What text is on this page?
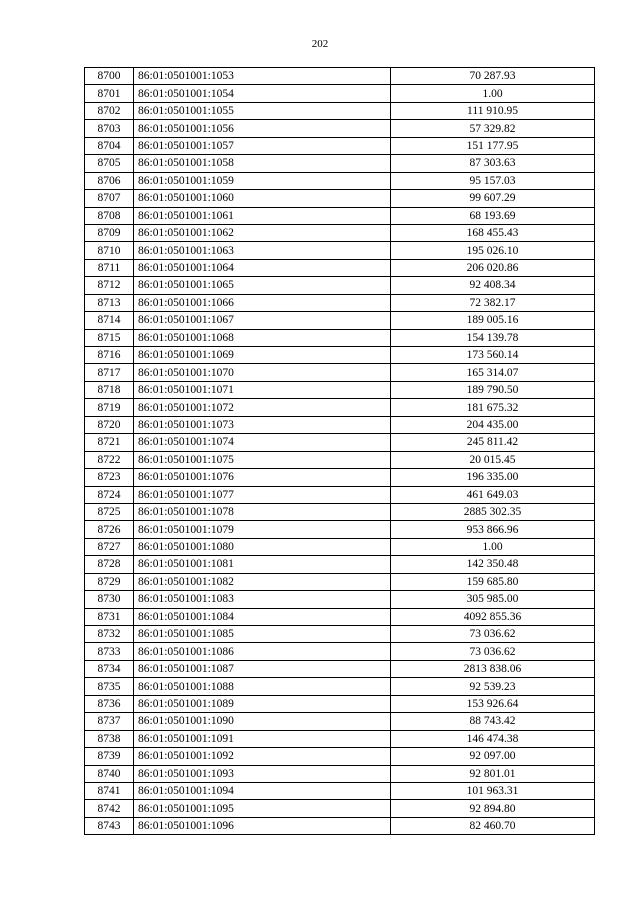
202
8700	86:01:0501001:1053	70 287.93
8701	86:01:0501001:1054	1.00
8702	86:01:0501001:1055	111 910.95
8703	86:01:0501001:1056	57 329.82
8704	86:01:0501001:1057	151 177.95
8705	86:01:0501001:1058	87 303.63
8706	86:01:0501001:1059	95 157.03
8707	86:01:0501001:1060	99 607.29
8708	86:01:0501001:1061	68 193.69
8709	86:01:0501001:1062	168 455.43
8710	86:01:0501001:1063	195 026.10
8711	86:01:0501001:1064	206 020.86
8712	86:01:0501001:1065	92 408.34
8713	86:01:0501001:1066	72 382.17
8714	86:01:0501001:1067	189 005.16
8715	86:01:0501001:1068	154 139.78
8716	86:01:0501001:1069	173 560.14
8717	86:01:0501001:1070	165 314.07
8718	86:01:0501001:1071	189 790.50
8719	86:01:0501001:1072	181 675.32
8720	86:01:0501001:1073	204 435.00
8721	86:01:0501001:1074	245 811.42
8722	86:01:0501001:1075	20 015.45
8723	86:01:0501001:1076	196 335.00
8724	86:01:0501001:1077	461 649.03
8725	86:01:0501001:1078	2885 302.35
8726	86:01:0501001:1079	953 866.96
8727	86:01:0501001:1080	1.00
8728	86:01:0501001:1081	142 350.48
8729	86:01:0501001:1082	159 685.80
8730	86:01:0501001:1083	305 985.00
8731	86:01:0501001:1084	4092 855.36
8732	86:01:0501001:1085	73 036.62
8733	86:01:0501001:1086	73 036.62
8734	86:01:0501001:1087	2813 838.06
8735	86:01:0501001:1088	92 539.23
8736	86:01:0501001:1089	153 926.64
8737	86:01:0501001:1090	88 743.42
8738	86:01:0501001:1091	146 474.38
8739	86:01:0501001:1092	92 097.00
8740	86:01:0501001:1093	92 801.01
8741	86:01:0501001:1094	101 963.31
8742	86:01:0501001:1095	92 894.80
8743	86:01:0501001:1096	82 460.70
